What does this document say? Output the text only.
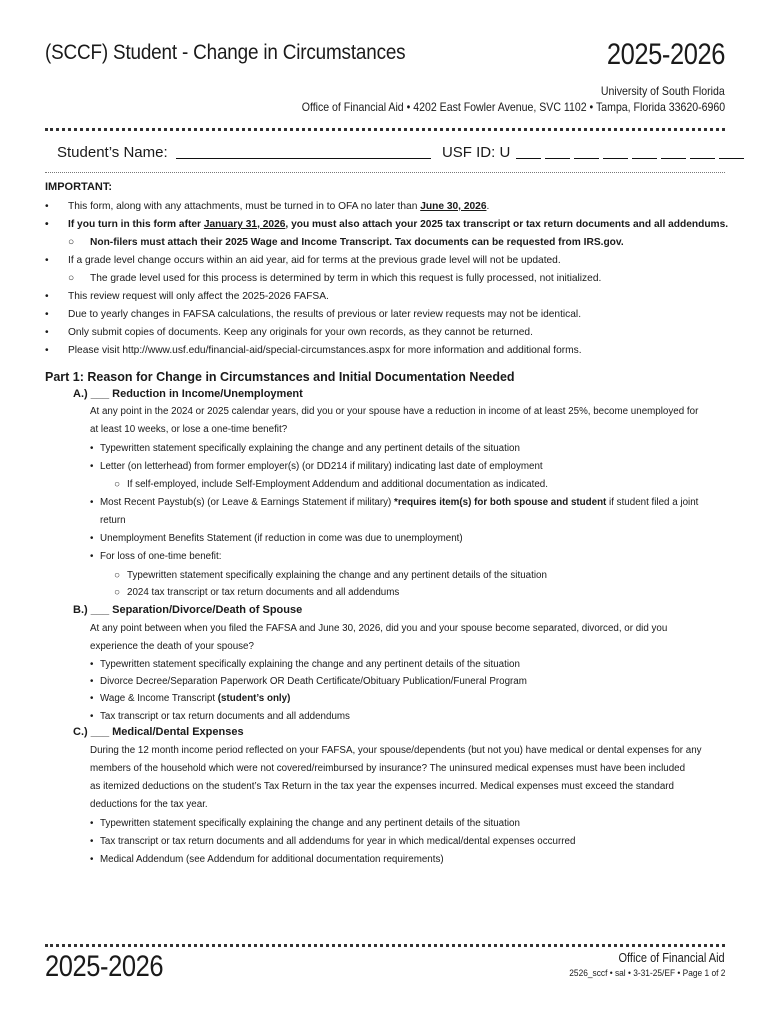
(SCCF) Student - Change in Circumstances	2025-2026
University of South Florida
Office of Financial Aid • 4202 East Fowler Avenue, SVC 1102 • Tampa, Florida 33620-6960
Student’s Name:	USF ID: U
IMPORTANT:
• This form, along with any attachments, must be turned in to OFA no later than June 30, 2026.
• If you turn in this form after January 31, 2026, you must also attach your 2025 tax transcript or tax return documents and all addendums.
○ Non-filers must attach their 2025 Wage and Income Transcript. Tax documents can be requested from IRS.gov.
• If a grade level change occurs within an aid year, aid for terms at the previous grade level will not be updated.
○ The grade level used for this process is determined by term in which this request is fully processed, not initialized.
• This review request will only affect the 2025-2026 FAFSA.
• Due to yearly changes in FAFSA calculations, the results of previous or later review requests may not be identical.
• Only submit copies of documents. Keep any originals for your own records, as they cannot be returned.
• Please visit http://www.usf.edu/financial-aid/special-circumstances.aspx for more information and additional forms.
Part 1: Reason for Change in Circumstances and Initial Documentation Needed
A.) ___ Reduction in Income/Unemployment
At any point in the 2024 or 2025 calendar years, did you or your spouse have a reduction in income of at least 25%, become unemployed for
at least 10 weeks, or lose a one-time benefit?
• Typewritten statement specifically explaining the change and any pertinent details of the situation
• Letter (on letterhead) from former employer(s) (or DD214 if military) indicating last date of employment
○ If self-employed, include Self-Employment Addendum and additional documentation as indicated.
• Most Recent Paystub(s) (or Leave & Earnings Statement if military) *requires item(s) for both spouse and student if student filed a joint
return
• Unemployment Benefits Statement (if reduction in come was due to unemployment)
• For loss of one-time benefit:
○ Typewritten statement specifically explaining the change and any pertinent details of the situation
○ 2024 tax transcript or tax return documents and all addendums
B.) ___ Separation/Divorce/Death of Spouse
At any point between when you filed the FAFSA and June 30, 2026, did you and your spouse become separated, divorced, or did you
experience the death of your spouse?
• Typewritten statement specifically explaining the change and any pertinent details of the situation
• Divorce Decree/Separation Paperwork OR Death Certificate/Obituary Publication/Funeral Program
• Wage & Income Transcript (student’s only)
• Tax transcript or tax return documents and all addendums
C.) ___ Medical/Dental Expenses
During the 12 month income period reflected on your FAFSA, your spouse/dependents (but not you) have medical or dental expenses for any
members of the household which were not covered/reimbursed by insurance? The uninsured medical expenses must have been included
as itemized deductions on the student’s Tax Return in the tax year the expenses incurred. Medical expenses must exceed the standard
deductions for the tax year.
• Typewritten statement specifically explaining the change and any pertinent details of the situation
• Tax transcript or tax return documents and all addendums for year in which medical/dental expenses occurred
• Medical Addendum (see Addendum for additional documentation requirements)
2025-2026	Office of Financial Aid
2526_sccf • sal • 3-31-25/EF • Page 1 of 2
